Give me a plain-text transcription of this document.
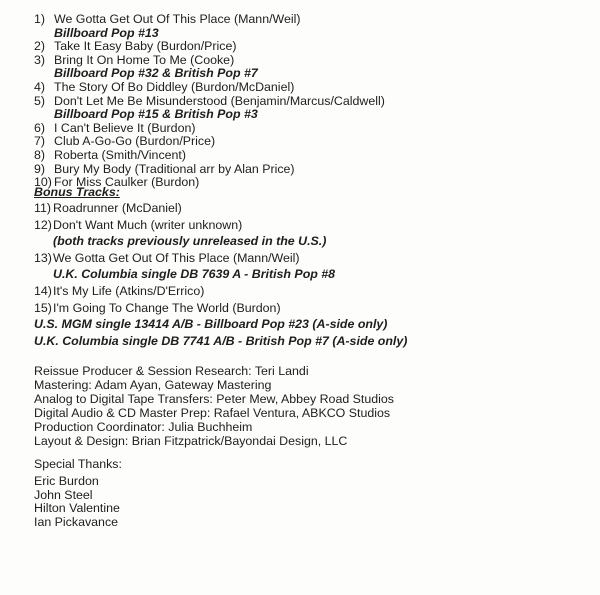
1) We Gotta Get Out Of This Place (Mann/Weil)
Billboard Pop #13
2) Take It Easy Baby (Burdon/Price)
3) Bring It On Home To Me (Cooke)
Billboard Pop #32 & British Pop #7
4) The Story Of Bo Diddley (Burdon/McDaniel)
5) Don't Let Me Be Misunderstood (Benjamin/Marcus/Caldwell)
Billboard Pop #15 & British Pop #3
6) I Can't Believe It (Burdon)
7) Club A-Go-Go (Burdon/Price)
8) Roberta (Smith/Vincent)
9) Bury My Body (Traditional arr by Alan Price)
10) For Miss Caulker (Burdon)
Bonus Tracks:
11) Roadrunner (McDaniel)
12)Don't Want Much (writer unknown)
(both tracks previously unreleased in the U.S.)
13)We Gotta Get Out Of This Place (Mann/Weil)
U.K. Columbia single DB 7639 A - British Pop #8
14)It's My Life (Atkins/D'Errico)
15)I'm Going To Change The World (Burdon)
U.S. MGM single 13414 A/B - Billboard Pop #23 (A-side only)
U.K. Columbia single DB 7741 A/B - British Pop #7 (A-side only)
Reissue Producer & Session Research: Teri Landi
Mastering: Adam Ayan, Gateway Mastering
Analog to Digital Tape Transfers: Peter Mew, Abbey Road Studios
Digital Audio & CD Master Prep: Rafael Ventura, ABKCO Studios
Production Coordinator: Julia Buchheim
Layout & Design: Brian Fitzpatrick/Bayondai Design, LLC
Special Thanks:
Eric Burdon
John Steel
Hilton Valentine
Ian Pickavance
